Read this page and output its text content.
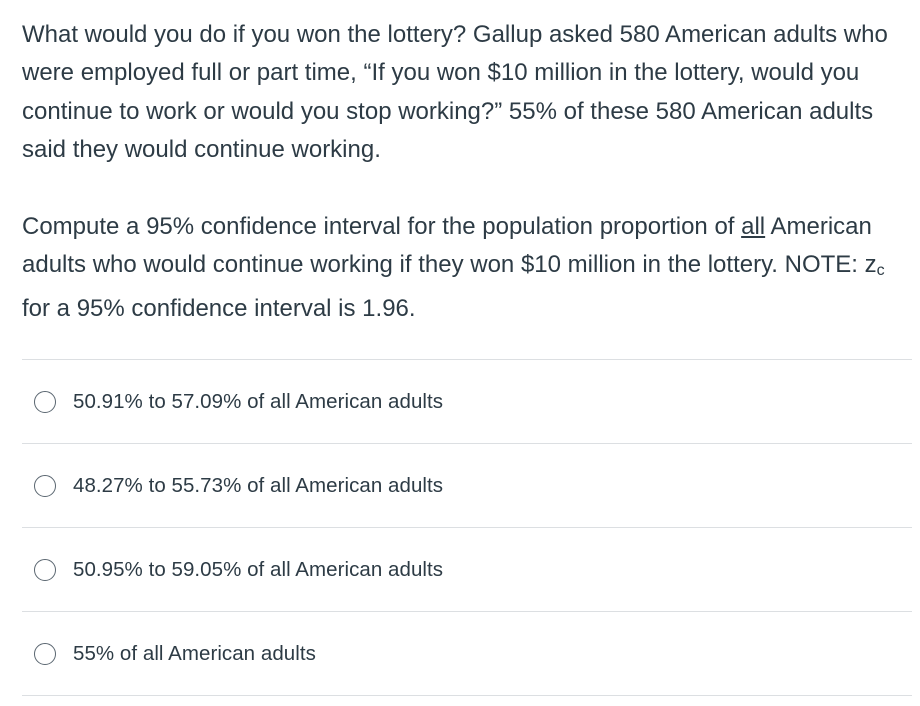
What would you do if you won the lottery? Gallup asked 580 American adults who were employed full or part time, “If you won $10 million in the lottery, would you continue to work or would you stop working?” 55% of these 580 American adults said they would continue working.

Compute a 95% confidence interval for the population proportion of all American adults who would continue working if they won $10 million in the lottery. NOTE: zc for a 95% confidence interval is 1.96.

50.91% to 57.09% of all American adults
48.27% to 55.73% of all American adults
50.95% to 59.05% of all American adults
55% of all American adults
